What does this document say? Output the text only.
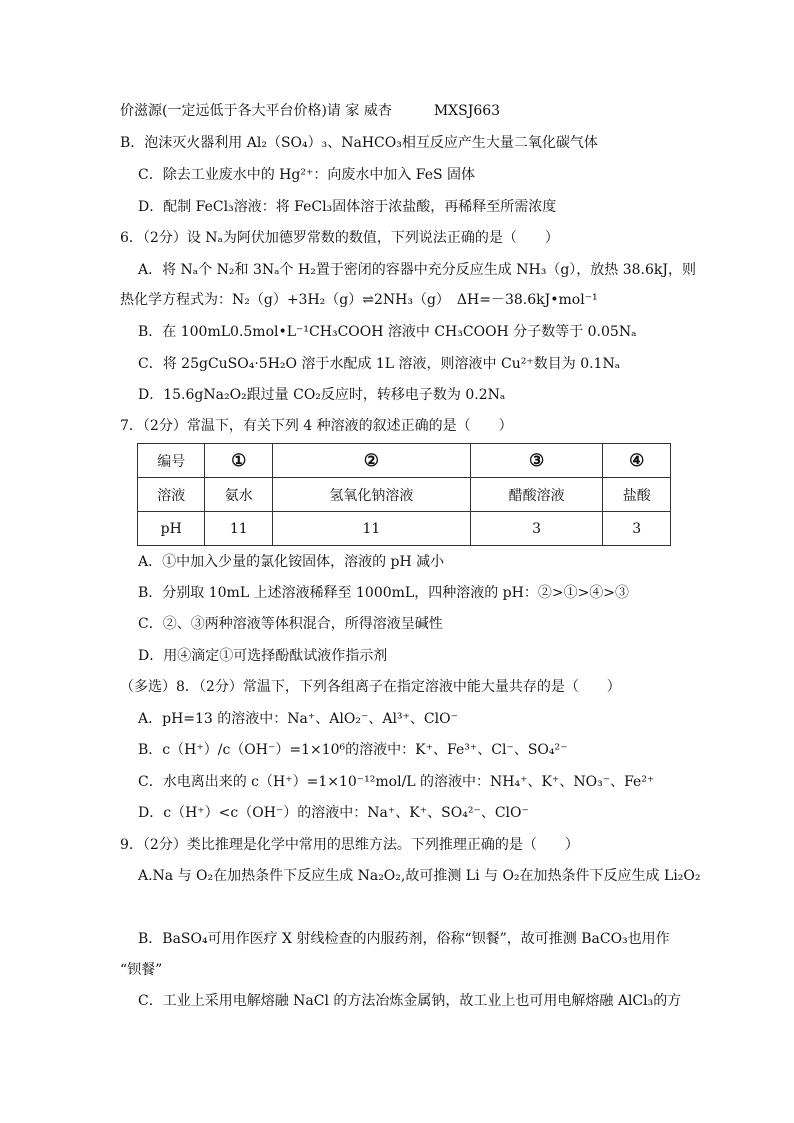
价滋源(一定远低于各大平台价格)请 家 威杏	MXSJ663
B．泡沫灭火器利用 Al₂（SO₄）₃、NaHCO₃相互反应产生大量二氧化碳气体
C．除去工业废水中的 Hg²⁺：向废水中加入 FeS 固体
D．配制 FeCl₃溶液：将 FeCl₃固体溶于浓盐酸，再稀释至所需浓度
6．（2分）设 Nₐ为阿伏加德罗常数的数值，下列说法正确的是（　　）
A．将 Nₐ个 N₂和 3Nₐ个 H₂置于密闭的容器中充分反应生成 NH₃（g），放热 38.6kJ，则
热化学方程式为：N₂（g）+3H₂（g）⇌2NH₃（g）　ΔH=－38.6kJ•mol⁻¹
B．在 100mL0.5mol•L⁻¹CH₃COOH 溶液中 CH₃COOH 分子数等于 0.05Nₐ
C．将 25gCuSO₄·5H₂O 溶于水配成 1L 溶液，则溶液中 Cu²⁺数目为 0.1Nₐ
D．15.6gNa₂O₂跟过量 CO₂反应时，转移电子数为 0.2Nₐ
7．（2分）常温下，有关下列 4 种溶液的叙述正确的是（　　）
编号	①	②	③	④
溶液	氨水	氢氧化钠溶液	醋酸溶液	盐酸
pH	11	11	3	3
A．①中加入少量的氯化铵固体，溶液的 pH 减小
B．分别取 10mL 上述溶液稀释至 1000mL，四种溶液的 pH：②>①>④>③
C．②、③两种溶液等体积混合，所得溶液呈碱性
D．用④滴定①可选择酚酞试液作指示剂
（多选）8．（2分）常温下，下列各组离子在指定溶液中能大量共存的是（　　）
A．pH=13 的溶液中：Na⁺、AlO₂⁻、Al³⁺、ClO⁻
B．c（H⁺）/c（OH⁻）=1×10⁶的溶液中：K⁺、Fe³⁺、Cl⁻、SO₄²⁻
C．水电离出来的 c（H⁺）=1×10⁻¹²mol/L 的溶液中：NH₄⁺、K⁺、NO₃⁻、Fe²⁺
D．c（H⁺）<c（OH⁻）的溶液中：Na⁺、K⁺、SO₄²⁻、ClO⁻
9．（2分）类比推理是化学中常用的思维方法。下列推理正确的是（　　）
A.Na 与 O₂在加热条件下反应生成 Na₂O₂,故可推测 Li 与 O₂在加热条件下反应生成 Li₂O₂
B．BaSO₄可用作医疗 X 射线检查的内服药剂，俗称“钡餐”，故可推测 BaCO₃也用作
“钡餐”
C．工业上采用电解熔融 NaCl 的方法冶炼金属钠，故工业上也可用电解熔融 AlCl₃的方
